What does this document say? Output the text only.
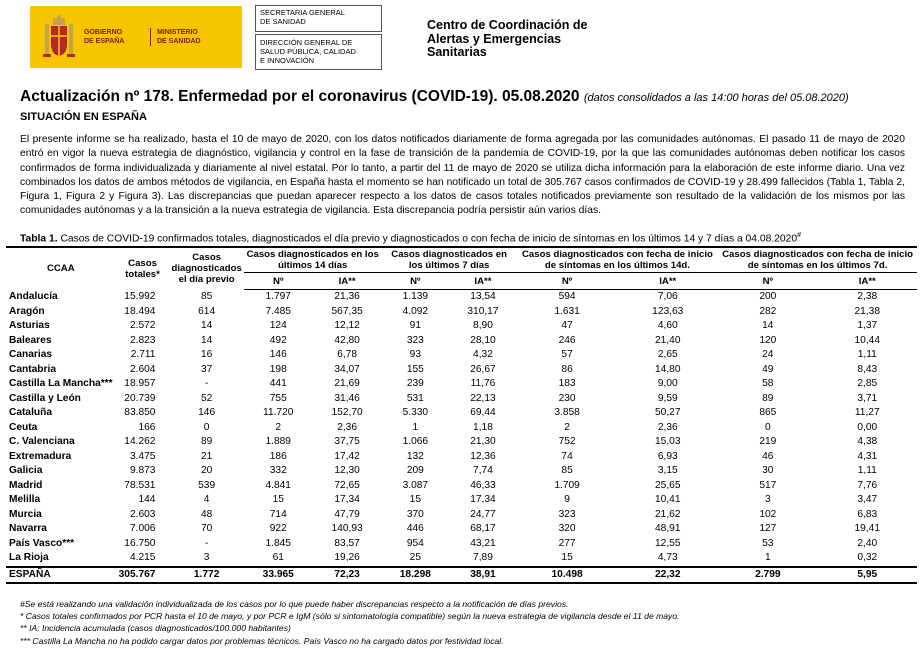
GOBIERNO
DE ESPAÑA
MINISTERIO
DE SANIDAD
SECRETARIA GENERAL
DE SANIDAD
DIRECCIÓN GENERAL DE
SALUD PÚBLICA, CALIDAD
E INNOVACIÓN
Centro de Coordinación de
Alertas y Emergencias
Sanitarias
Actualización nº 178. Enfermedad por el coronavirus (COVID-19). 05.08.2020 (datos consolidados a las 14:00 horas del 05.08.2020)
SITUACIÓN EN ESPAÑA
El presente informe se ha realizado, hasta el 10 de mayo de 2020, con los datos notificados diariamente de forma agregada por las comunidades autónomas. El pasado 11 de mayo de 2020 entró en vigor la nueva estrategia de diagnóstico, vigilancia y control en la fase de transición de la pandemia de COVID-19, por la que las comunidades autónomas deben notificar los casos confirmados de forma individualizada y diariamente al nivel estatal. Por lo tanto, a partir del 11 de mayo de 2020 se utiliza dicha información para la elaboración de este informe diario. Una vez combinados los datos de ambos métodos de vigilancia, en España hasta el momento se han notificado un total de 305.767 casos confirmados de COVID-19 y 28.499 fallecidos (Tabla 1, Tabla 2, Figura 1, Figura 2 y Figura 3). Las discrepancias que puedan aparecer respecto a los datos de casos totales notificados previamente son resultado de la validación de los mismos por las comunidades autónomas y a la transición a la nueva estrategia de vigilancia. Esta discrepancia podría persistir aún varios días.
Tabla 1. Casos de COVID-19 confirmados totales, diagnosticados el día previo y diagnosticados o con fecha de inicio de síntomas en los últimos 14 y 7 días a 04.08.2020#
CCAA	Casos totales*	Casos diagnosticados el día previo	Casos diagnosticados en los últimos 14 días		Casos diagnosticados en los últimos 7 días		Casos diagnosticados con fecha de inicio de síntomas en los últimos 14d.		Casos diagnosticados con fecha de inicio de síntomas en los últimos 7d.	
			Nº	IA**	Nº	IA**	Nº	IA**	Nº	IA**
Andalucía	15.992	85	1.797	21,36	1.139	13,54	594	7,06	200	2,38
Aragón	18.494	614	7.485	567,35	4.092	310,17	1.631	123,63	282	21,38
Asturias	2.572	14	124	12,12	91	8,90	47	4,60	14	1,37
Baleares	2.823	14	492	42,80	323	28,10	246	21,40	120	10,44
Canarias	2.711	16	146	6,78	93	4,32	57	2,65	24	1,11
Cantabria	2.604	37	198	34,07	155	26,67	86	14,80	49	8,43
Castilla La Mancha***	18.957	-	441	21,69	239	11,76	183	9,00	58	2,85
Castilla y León	20.739	52	755	31,46	531	22,13	230	9,59	89	3,71
Cataluña	83.850	146	11.720	152,70	5.330	69,44	3.858	50,27	865	11,27
Ceuta	166	0	2	2,36	1	1,18	2	2,36	0	0,00
C. Valenciana	14.262	89	1.889	37,75	1.066	21,30	752	15,03	219	4,38
Extremadura	3.475	21	186	17,42	132	12,36	74	6,93	46	4,31
Galicia	9.873	20	332	12,30	209	7,74	85	3,15	30	1,11
Madrid	78.531	539	4.841	72,65	3.087	46,33	1.709	25,65	517	7,76
Melilla	144	4	15	17,34	15	17,34	9	10,41	3	3,47
Murcia	2.603	48	714	47,79	370	24,77	323	21,62	102	6,83
Navarra	7.006	70	922	140,93	446	68,17	320	48,91	127	19,41
País Vasco***	16.750	-	1.845	83,57	954	43,21	277	12,55	53	2,40
La Rioja	4.215	3	61	19,26	25	7,89	15	4,73	1	0,32
ESPAÑA	305.767	1.772	33.965	72,23	18.298	38,91	10.498	22,32	2.799	5,95
#Se está realizando una validación individualizada de los casos por lo que puede haber discrepancias respecto a la notificación de días previos.
* Casos totales confirmados por PCR hasta el 10 de mayo, y por PCR e IgM (sólo si sintomatología compatible) según la nueva estrategia de vigilancia desde el 11 de mayo.
** IA: Incidencia acumulada (casos diagnosticados/100.000 habitantes)
*** Castilla La Mancha no ha podido cargar datos por problemas técnicos. País Vasco no ha cargado datos por festividad local.
